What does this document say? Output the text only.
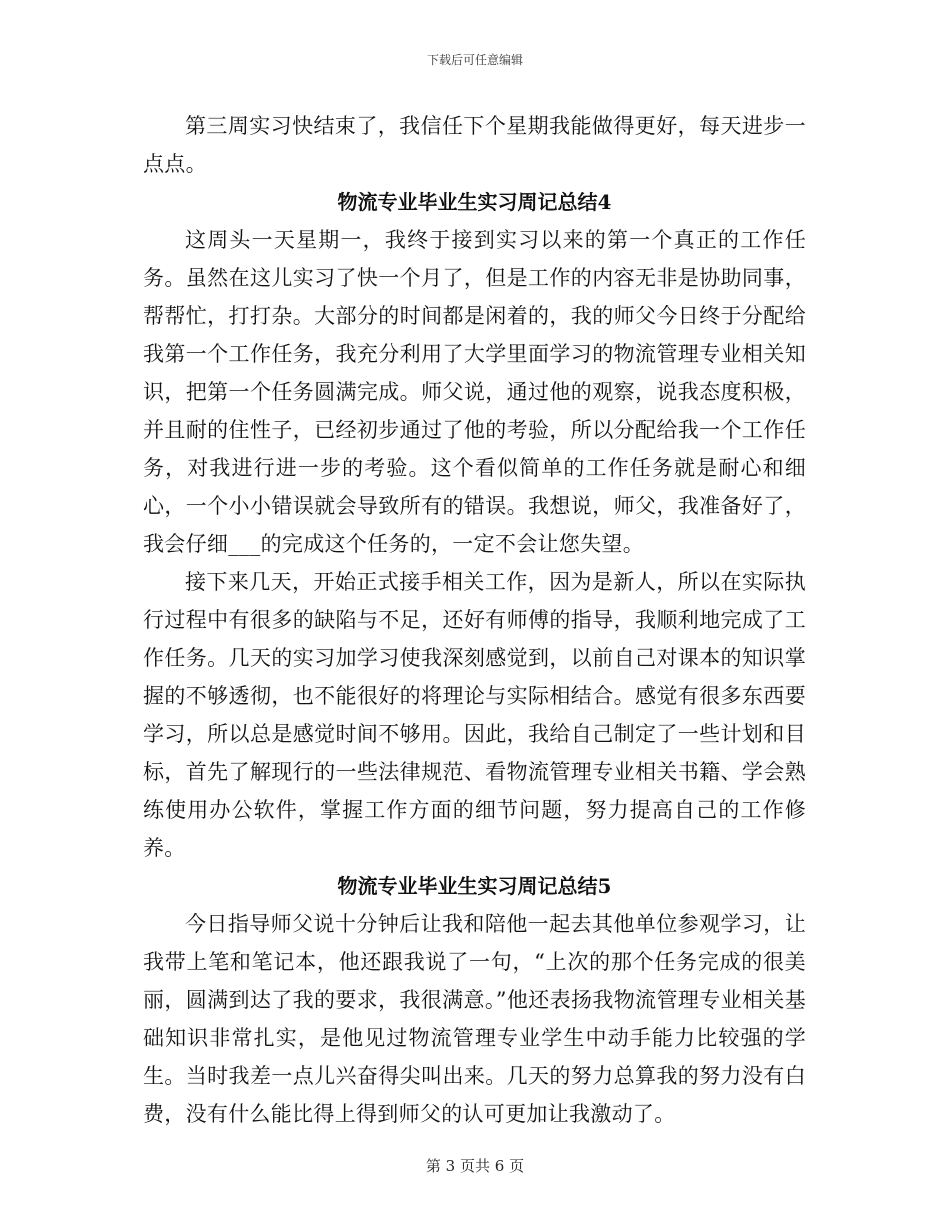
下载后可任意编辑

第三周实习快结束了，我信任下个星期我能做得更好，每天进步一点点。

物流专业毕业生实习周记总结4

这周头一天星期一，我终于接到实习以来的第一个真正的工作任务。虽然在这儿实习了快一个月了，但是工作的内容无非是协助同事，帮帮忙，打打杂。大部分的时间都是闲着的，我的师父今日终于分配给我第一个工作任务，我充分利用了大学里面学习的物流管理专业相关知识，把第一个任务圆满完成。师父说，通过他的观察，说我态度积极，并且耐的住性子，已经初步通过了他的考验，所以分配给我一个工作任务，对我进行进一步的考验。这个看似简单的工作任务就是耐心和细心，一个小小错误就会导致所有的错误。我想说，师父，我准备好了，我会仔细___的完成这个任务的，一定不会让您失望。

接下来几天，开始正式接手相关工作，因为是新人，所以在实际执行过程中有很多的缺陷与不足，还好有师傅的指导，我顺利地完成了工作任务。几天的实习加学习使我深刻感觉到，以前自己对课本的知识掌握的不够透彻，也不能很好的将理论与实际相结合。感觉有很多东西要学习，所以总是感觉时间不够用。因此，我给自己制定了一些计划和目标，首先了解现行的一些法律规范、看物流管理专业相关书籍、学会熟练使用办公软件，掌握工作方面的细节问题，努力提高自己的工作修养。

物流专业毕业生实习周记总结5

今日指导师父说十分钟后让我和陪他一起去其他单位参观学习，让我带上笔和笔记本，他还跟我说了一句，“上次的那个任务完成的很美丽，圆满到达了我的要求，我很满意。”他还表扬我物流管理专业相关基础知识非常扎实，是他见过物流管理专业学生中动手能力比较强的学生。当时我差一点儿兴奋得尖叫出来。几天的努力总算我的努力没有白费，没有什么能比得上得到师父的认可更加让我激动了。

第 3 页共 6 页
